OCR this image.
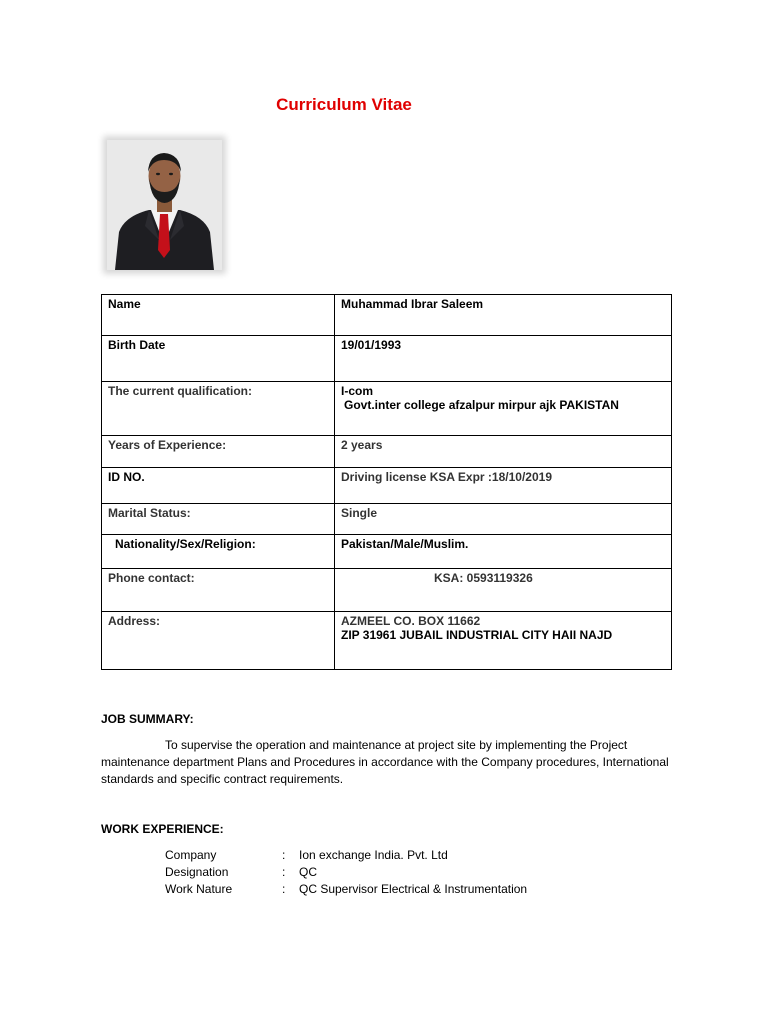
Curriculum Vitae
Name	Muhammad Ibrar Saleem
Birth Date	19/01/1993
The current qualification:	I-com
Govt.inter college afzalpur mirpur ajk PAKISTAN

Years of Experience:	2 years
ID NO.	Driving license KSA Expr :18/10/2019
Marital Status:	Single
Nationality/Sex/Religion:	Pakistan/Male/Muslim.
Phone contact:	KSA: 0593119326
Address:	AZMEEL CO. BOX 11662
ZIP 31961 JUBAIL INDUSTRIAL CITY HAII NAJD
JOB SUMMARY:
To supervise the operation and maintenance at project site by implementing the Project maintenance department Plans and Procedures in accordance with the Company procedures, International standards and specific contract requirements.
WORK EXPERIENCE:
Company	:	Ion exchange India. Pvt. Ltd
Designation	:	QC
Work Nature	:	QC Supervisor Electrical & Instrumentation
